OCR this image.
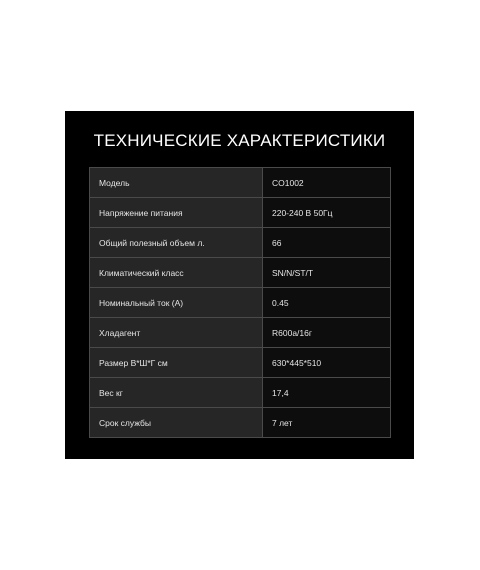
ТЕХНИЧЕСКИЕ ХАРАКТЕРИСТИКИ
Модель	CO1002
Напряжение питания	220-240 В 50Гц
Общий полезный объем л.	66
Климатический класс	SN/N/ST/T
Номинальный ток (А)	0.45
Хладагент	R600a/16г
Размер В*Ш*Г см	630*445*510
Вес кг	17,4
Срок службы	7 лет
